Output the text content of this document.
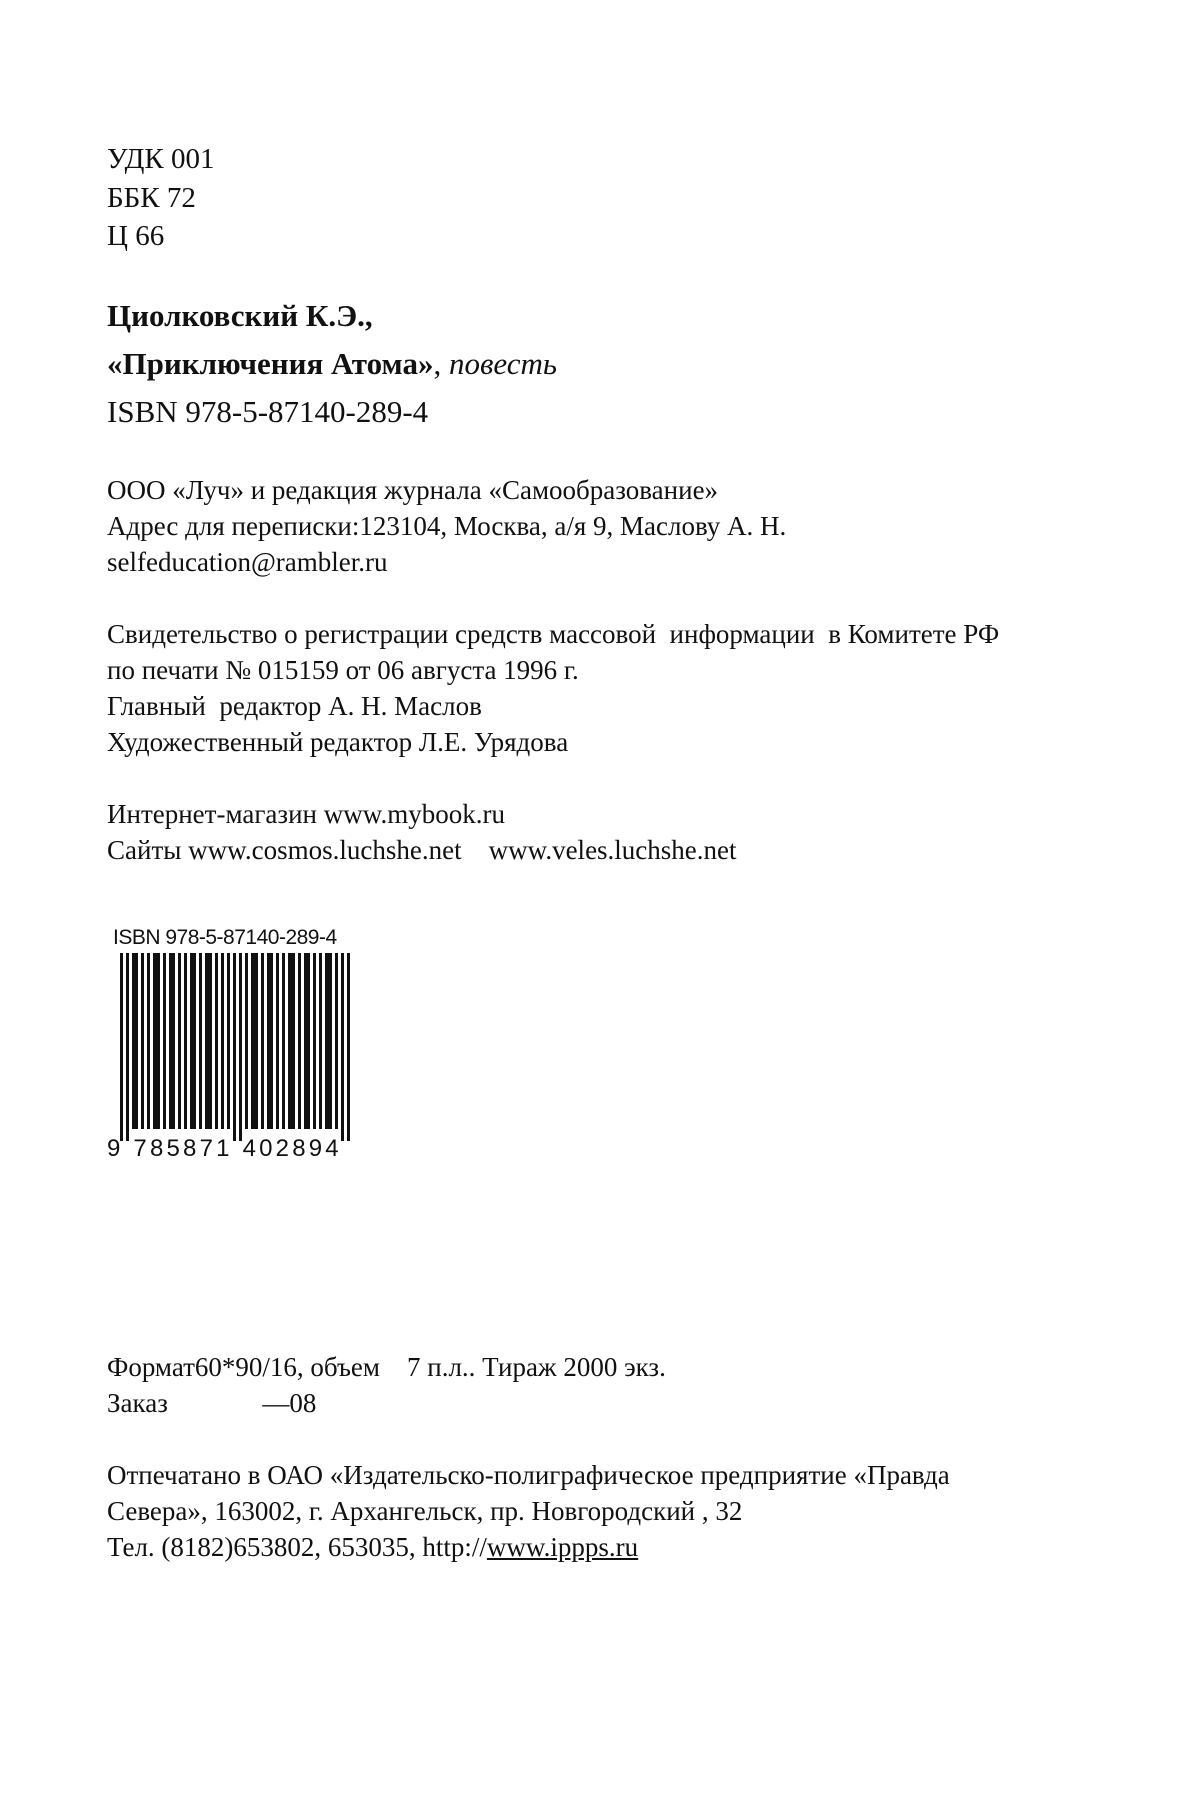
УДК 001
ББК 72
Ц 66
Циолковский К.Э.,
«Приключения Атома», повесть
ISBN 978-5-87140-289-4
ООО «Луч» и редакция журнала «Самообразование»
Адрес для переписки:123104, Москва, а/я 9, Маслову А. Н.
selfeducation@rambler.ru
Свидетельство о регистрации средств массовой  информации  в Комитете РФ
по печати № 015159 от 06 августа 1996 г.
Главный  редактор А. Н. Маслов
Художественный редактор Л.Е. Урядова
Интернет-магазин www.mybook.ru
Сайты www.cosmos.luchshe.net    www.veles.luchshe.net
ISBN 978-5-87140-289-4
9 785871 402894
Формат60*90/16, объем    7 п.л.. Тираж 2000 экз.
Заказ              —08
Отпечатано в ОАО «Издательско-полиграфическое предприятие «Правда
Севера», 163002, г. Архангельск, пр. Новгородский , 32
Тел. (8182)653802, 653035, http://www.ippps.ru
